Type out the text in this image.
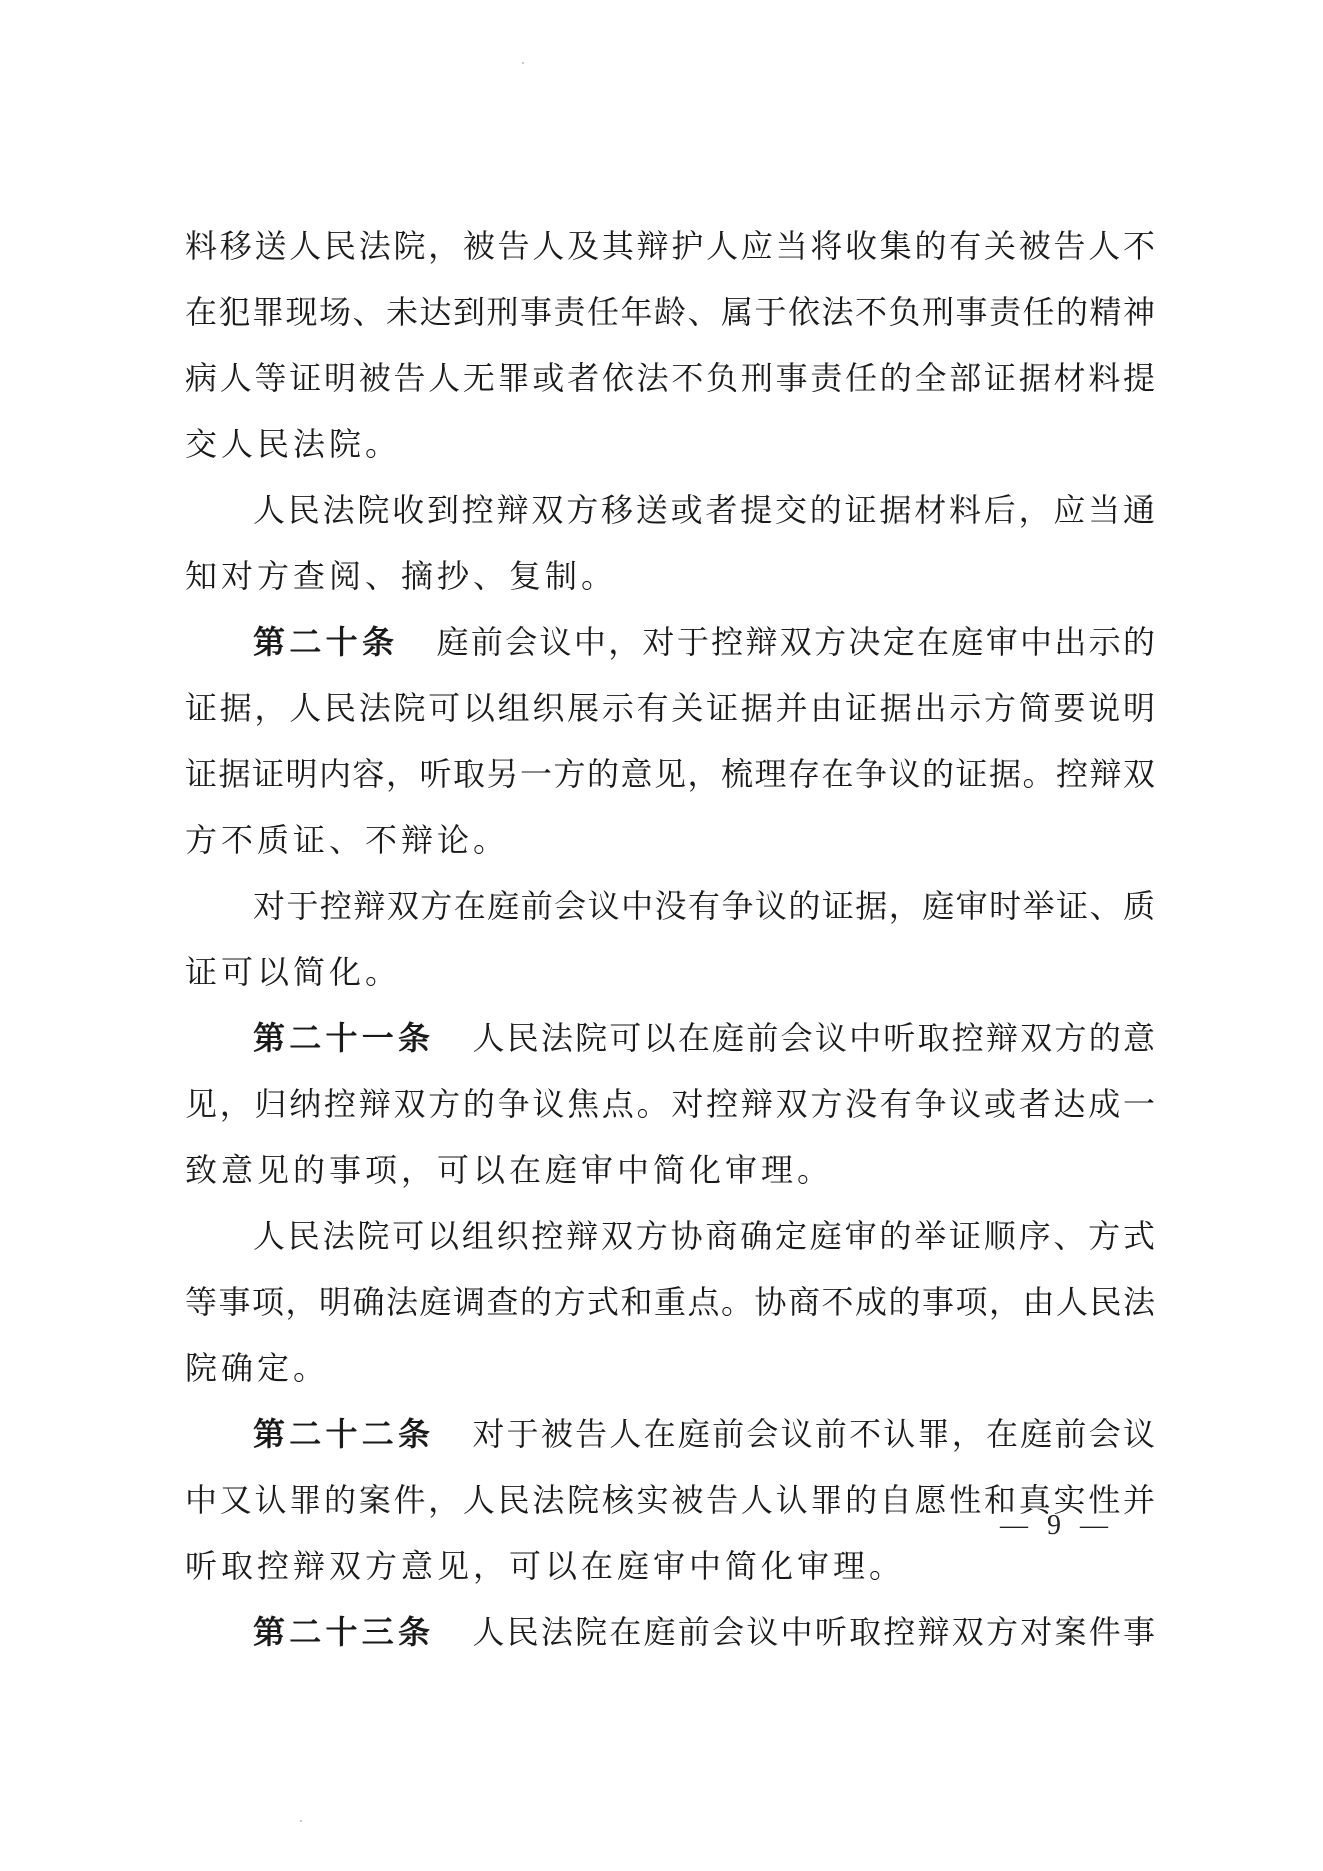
料移送人民法院，被告人及其辩护人应当将收集的有关被告人不
在犯罪现场、未达到刑事责任年龄、属于依法不负刑事责任的精神
病人等证明被告人无罪或者依法不负刑事责任的全部证据材料提
交人民法院。
人民法院收到控辩双方移送或者提交的证据材料后，应当通
知对方查阅、摘抄、复制。
第二十条 庭前会议中，对于控辩双方决定在庭审中出示的
证据，人民法院可以组织展示有关证据并由证据出示方简要说明
证据证明内容，听取另一方的意见，梳理存在争议的证据。控辩双
方不质证、不辩论。
对于控辩双方在庭前会议中没有争议的证据，庭审时举证、质
证可以简化。
第二十一条 人民法院可以在庭前会议中听取控辩双方的意
见，归纳控辩双方的争议焦点。对控辩双方没有争议或者达成一
致意见的事项，可以在庭审中简化审理。
人民法院可以组织控辩双方协商确定庭审的举证顺序、方式
等事项，明确法庭调查的方式和重点。协商不成的事项，由人民法
院确定。
第二十二条 对于被告人在庭前会议前不认罪，在庭前会议
中又认罪的案件，人民法院核实被告人认罪的自愿性和真实性并
听取控辩双方意见，可以在庭审中简化审理。
第二十三条 人民法院在庭前会议中听取控辩双方对案件事
— 9 —
